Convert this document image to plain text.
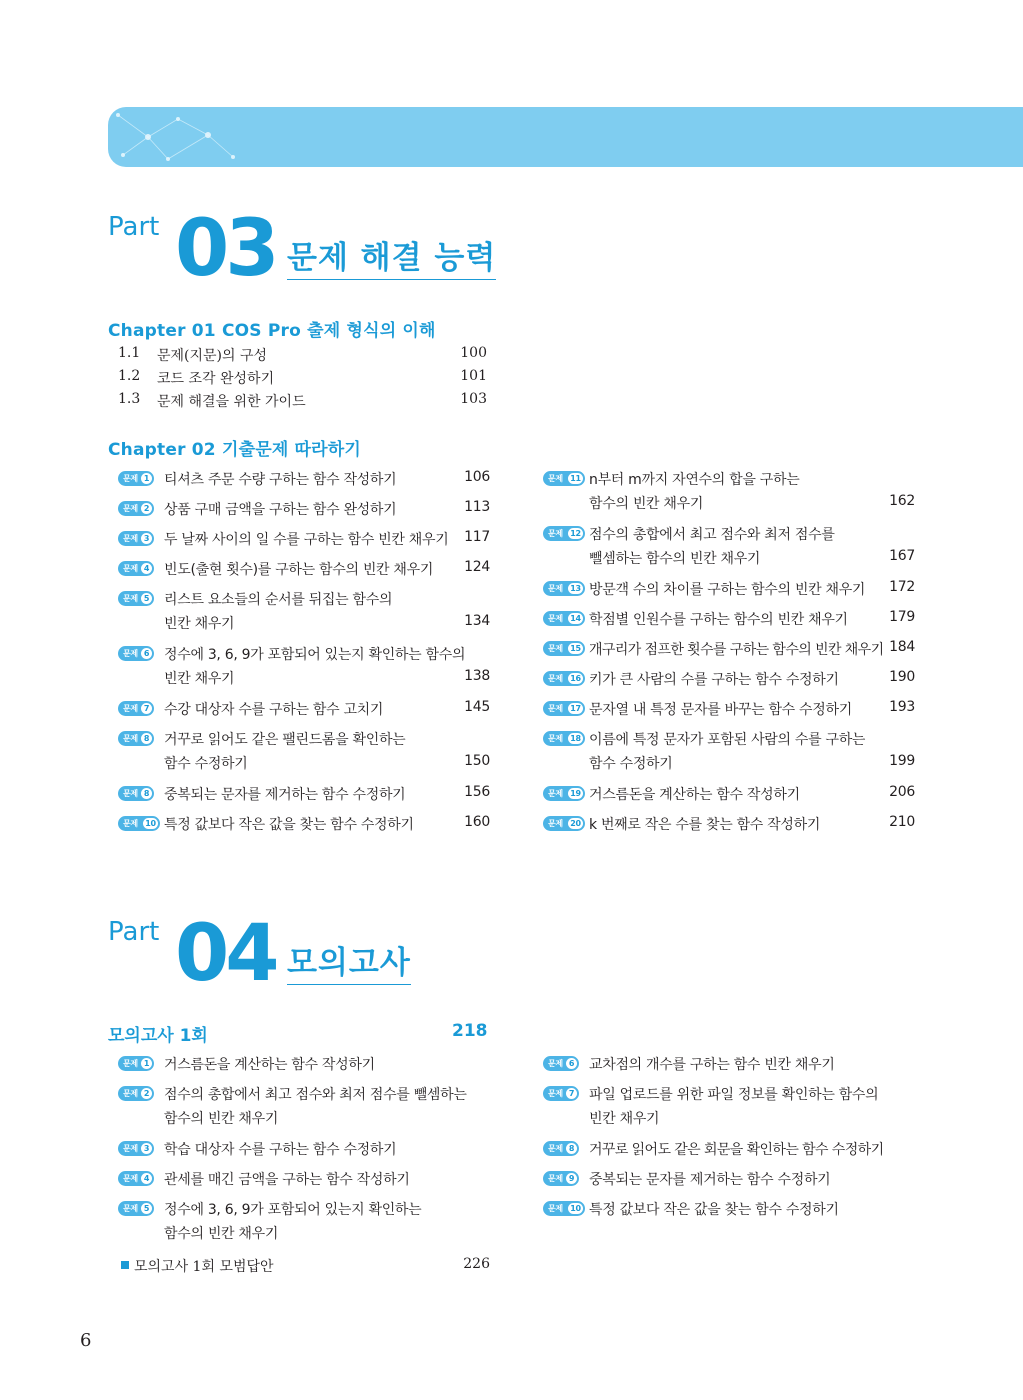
Part 03 문제 해결 능력
Chapter 01 COS Pro 출제 형식의 이해
1.1 문제(지문)의 구성	100
1.2 코드 조각 완성하기	101
1.3 문제 해결을 위한 가이드	103
Chapter 02 기출문제 따라하기
문제 1 티셔츠 주문 수량 구하는 함수 작성하기	106
문제 2 상품 구매 금액을 구하는 함수 완성하기	113
문제 3 두 날짜 사이의 일 수를 구하는 함수 빈칸 채우기 117
문제 4 빈도(출현 횟수)를 구하는 함수의 빈칸 채우기 124
문제 5 리스트 요소들의 순서를 뒤집는 함수의
빈칸 채우기	134
문제 6 정수에 3, 6, 9가 포함되어 있는지 확인하는 함수의
빈칸 채우기	138
문제 7 수강 대상자 수를 구하는 함수 고치기	145
문제 8 거꾸로 읽어도 같은 팰린드롬을 확인하는
함수 수정하기	150
문제 8 중복되는 문자를 제거하는 함수 수정하기	156
문제 10 특정 값보다 작은 값을 찾는 함수 수정하기	160
문제 11 n부터 m까지 자연수의 합을 구하는
함수의 빈칸 채우기	162
문제 12 점수의 총합에서 최고 점수와 최저 점수를
뺄셈하는 함수의 빈칸 채우기	167
문제 13 방문객 수의 차이를 구하는 함수의 빈칸 채우기 172
문제 14 학점별 인원수를 구하는 함수의 빈칸 채우기	179
문제 15 개구리가 점프한 횟수를 구하는 함수의 빈칸 채우기 184
문제 16 키가 큰 사람의 수를 구하는 함수 수정하기	190
문제 17 문자열 내 특정 문자를 바꾸는 함수 수정하기	193
문제 18 이름에 특정 문자가 포함된 사람의 수를 구하는
함수 수정하기	199
문제 19 거스름돈을 계산하는 함수 작성하기	206
문제 20 k 번째로 작은 수를 찾는 함수 작성하기	210
Part 04 모의고사
모의고사 1회	218
문제 1 거스름돈을 계산하는 함수 작성하기
문제 2 점수의 총합에서 최고 점수와 최저 점수를 뺄셈하는
함수의 빈칸 채우기
문제 3 학습 대상자 수를 구하는 함수 수정하기
문제 4 관세를 매긴 금액을 구하는 함수 작성하기
문제 5 정수에 3, 6, 9가 포함되어 있는지 확인하는
함수의 빈칸 채우기
문제 6 교차점의 개수를 구하는 함수 빈칸 채우기
문제 7 파일 업로드를 위한 파일 정보를 확인하는 함수의
빈칸 채우기
문제 8 거꾸로 읽어도 같은 회문을 확인하는 함수 수정하기
문제 9 중복되는 문자를 제거하는 함수 수정하기
문제 10 특정 값보다 작은 값을 찾는 함수 수정하기
모의고사 1회 모범답안	226
6
